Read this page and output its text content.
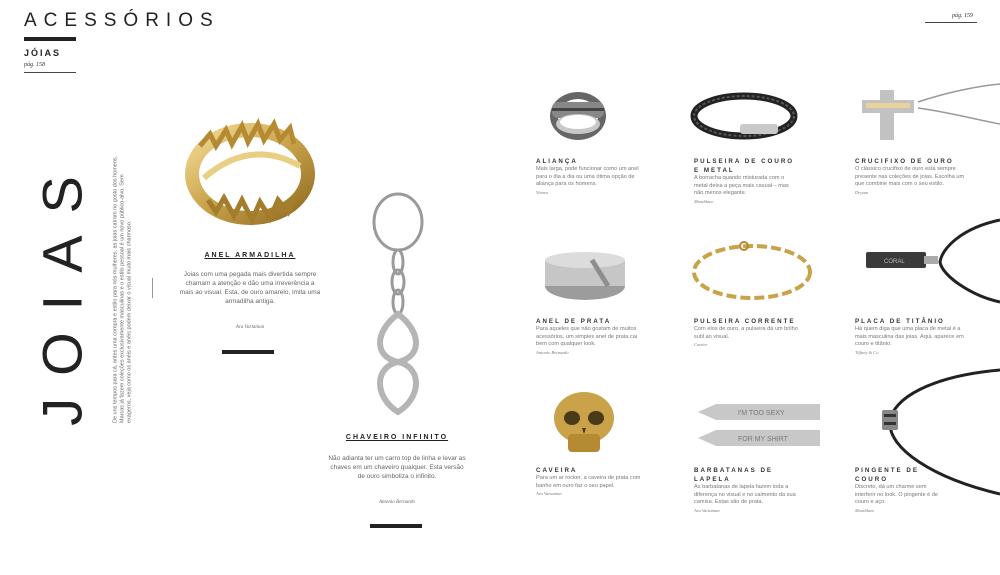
ACESSÓRIOS
JÓIAS
pág. 158
pág. 159
JOIAS	De uns tempos para cá, antes uma compra e estilo para nós mulheres, as joias caíram no gosto dos homens. Marcas já fazem coleções exclusivamente masculinas e o estilo pessoal é um novo público-alvo. Sem exageros, veja como os anéis e anéis podem deixar o visual muito mais charmoso.	ANEL ARMADILHA
Joias com uma pegada mais divertida sempre chamam a atenção e dão uma irreverência a mais ao visual. Esta, de ouro amarelo, imita uma armadilha antiga.
Ara Vartanian
CHAVEIRO INFINITO
Não adianta ter um carro top de linha e levar as chaves em um chaveiro qualquer. Esta versão de ouro simboliza o infinito.
Antonio Bernardo
CORAL
I'M TOO SEXY
FOR MY SHIRT
ALIANÇA
Mais larga, pode funcionar como um anel para o dia a dia ou uma ótima opção de aliança para os homens.
Vivara
PULSEIRA DE COURO E METAL
A borracha quando misturada com o metal deixa a peça mais casual – mas não menos elegante.
Montblanc
CRUCIFIXO DE OURO
O clássico crucifixo de ouro está sempre presente nas coleções de joias. Escolha um que combine mais com o seu estilo.
Dryzun
ANEL DE PRATA
Para aqueles que não gostam de muitos acessórios, um simples anel de prata cai bem com qualquer look.
Antonio Bernardo
PULSEIRA CORRENTE
Com elos de ouro, a pulseira dá um brilho sutil ao visual.
Cartier
PLACA DE TITÂNIO
Há quem diga que uma placa de metal é a mais masculina das joias. Aqui, aparece em couro e titânio.
Tiffany & Co.
CAVEIRA
Para um ar rocker, a caveira de prata com banho em ouro faz o seu papel.
Ara Vartanian
BARBATANAS DE LAPELA
As barbatanas de lapela fazem toda a diferença no visual e no caimento da sua camisa. Estas são de prata.
Ara Vartanian
PINGENTE DE COURO
Discreto, dá um charme sem interferir no look. O pingente é de couro e aço.
Montblanc
